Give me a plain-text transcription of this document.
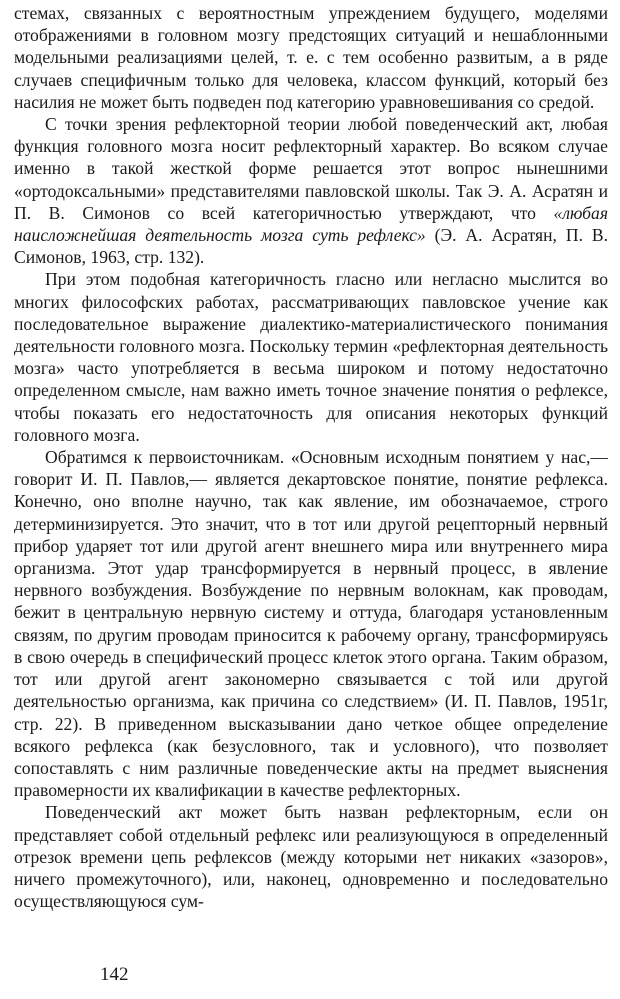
стемах, связанных с вероятностным упреждением будущего, моделями отображениями в головном мозгу предстоящих ситуаций и нешаблонными модельными реализациями целей, т. е. с тем особенно развитым, а в ряде случаев специфичным только для человека, классом функций, который без насилия не может быть подведен под категорию уравновешивания со средой.

С точки зрения рефлекторной теории любой поведенческий акт, любая функция головного мозга носит рефлекторный характер. Во всяком случае именно в такой жесткой форме решается этот вопрос нынешними «ортодоксальными» представителями павловской школы. Так Э. А. Асратян и П. В. Симонов со всей категоричностью утверждают, что «любая наисложнейшая деятельность мозга суть рефлекс» (Э. А. Асратян, П. В. Симонов, 1963, стр. 132).

При этом подобная категоричность гласно или негласно мыслится во многих философских работах, рассматривающих павловское учение как последовательное выражение диалектико-материалистического понимания деятельности головного мозга. Поскольку термин «рефлекторная деятельность мозга» часто употребляется в весьма широком и потому недостаточно определенном смысле, нам важно иметь точное значение понятия о рефлексе, чтобы показать его недостаточность для описания некоторых функций головного мозга.

Обратимся к первоисточникам. «Основным исходным понятием у нас,— говорит И. П. Павлов,— является декартовское понятие, понятие рефлекса. Конечно, оно вполне научно, так как явление, им обозначаемое, строго детерминизируется. Это значит, что в тот или другой рецепторный нервный прибор ударяет тот или другой агент внешнего мира или внутреннего мира организма. Этот удар трансформируется в нервный процесс, в явление нервного возбуждения. Возбуждение по нервным волокнам, как проводам, бежит в центральную нервную систему и оттуда, благодаря установленным связям, по другим проводам приносится к рабочему органу, трансформируясь в свою очередь в специфический процесс клеток этого органа. Таким образом, тот или другой агент закономерно связывается с той или другой деятельностью организма, как причина со следствием» (И. П. Павлов, 1951г, стр. 22). В приведенном высказывании дано четкое общее определение всякого рефлекса (как безусловного, так и условного), что позволяет сопоставлять с ним различные поведенческие акты на предмет выяснения правомерности их квалификации в качестве рефлекторных.

Поведенческий акт может быть назван рефлекторным, если он представляет собой отдельный рефлекс или реализующуюся в определенный отрезок времени цепь рефлексов (между которыми нет никаких «зазоров», ничего промежуточного), или, наконец, одновременно и последовательно осуществляющуюся сум-

142
